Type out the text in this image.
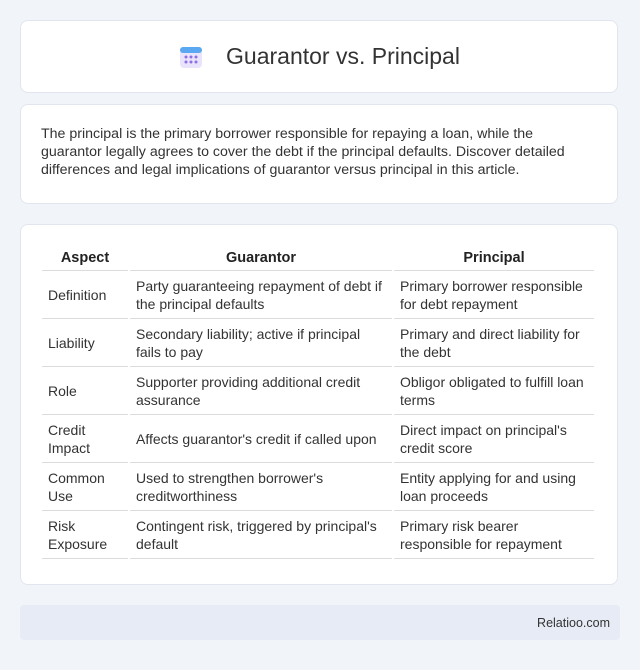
Guarantor vs. Principal

The principal is the primary borrower responsible for repaying a loan, while the guarantor legally agrees to cover the debt if the principal defaults. Discover detailed differences and legal implications of guarantor versus principal in this article.

Aspect	Guarantor	Principal
Definition	Party guaranteeing repayment of debt if the principal defaults	Primary borrower responsible for debt repayment
Liability	Secondary liability; active if principal fails to pay	Primary and direct liability for the debt
Role	Supporter providing additional credit assurance	Obligor obligated to fulfill loan terms
Credit Impact	Affects guarantor's credit if called upon	Direct impact on principal's credit score
Common Use	Used to strengthen borrower's creditworthiness	Entity applying for and using loan proceeds
Risk Exposure	Contingent risk, triggered by principal's default	Primary risk bearer responsible for repayment
Relatioo.com
